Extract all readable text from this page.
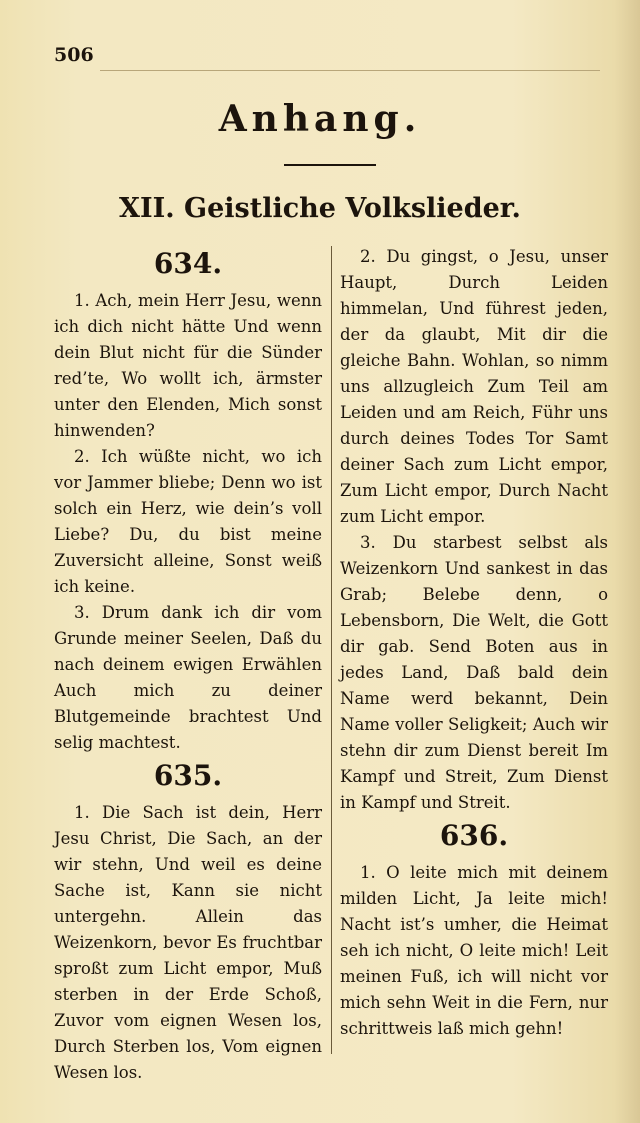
506
Anhang.
XII. Geistliche Volkslieder.
634.

1. Ach, mein Herr Jesu, wenn ich dich nicht hätte Und wenn dein Blut nicht für die Sünder red’te, Wo wollt ich, ärmster unter den Elenden, Mich sonst hinwenden?

2. Ich wüßte nicht, wo ich vor Jammer bliebe; Denn wo ist solch ein Herz, wie dein’s voll Liebe? Du, du bist meine Zuversicht alleine, Sonst weiß ich keine.

3. Drum dank ich dir vom Grunde meiner Seelen, Daß du nach deinem ewigen Erwählen Auch mich zu deiner Blutgemeinde brachtest Und selig machtest.

635.

1. Die Sach ist dein, Herr Jesu Christ, Die Sach, an der wir stehn, Und weil es deine Sache ist, Kann sie nicht untergehn. Allein das Weizenkorn, bevor Es fruchtbar sproßt zum Licht empor, Muß sterben in der Erde Schoß, Zuvor vom eignen Wesen los, Durch Sterben los, Vom eignen Wesen los.

2. Du gingst, o Jesu, unser Haupt, Durch Leiden himmelan, Und führest jeden, der da glaubt, Mit dir die gleiche Bahn. Wohlan, so nimm uns allzugleich Zum Teil am Leiden und am Reich, Führ uns durch deines Todes Tor Samt deiner Sach zum Licht empor, Zum Licht empor, Durch Nacht zum Licht empor.

3. Du starbest selbst als Weizenkorn Und sankest in das Grab; Belebe denn, o Lebensborn, Die Welt, die Gott dir gab. Send Boten aus in jedes Land, Daß bald dein Name werd bekannt, Dein Name voller Seligkeit; Auch wir stehn dir zum Dienst bereit Im Kampf und Streit, Zum Dienst in Kampf und Streit.

636.

1. O leite mich mit deinem milden Licht, Ja leite mich! Nacht ist’s umher, die Heimat seh ich nicht, O leite mich! Leit meinen Fuß, ich will nicht vor mich sehn Weit in die Fern, nur schrittweis laß mich gehn!
